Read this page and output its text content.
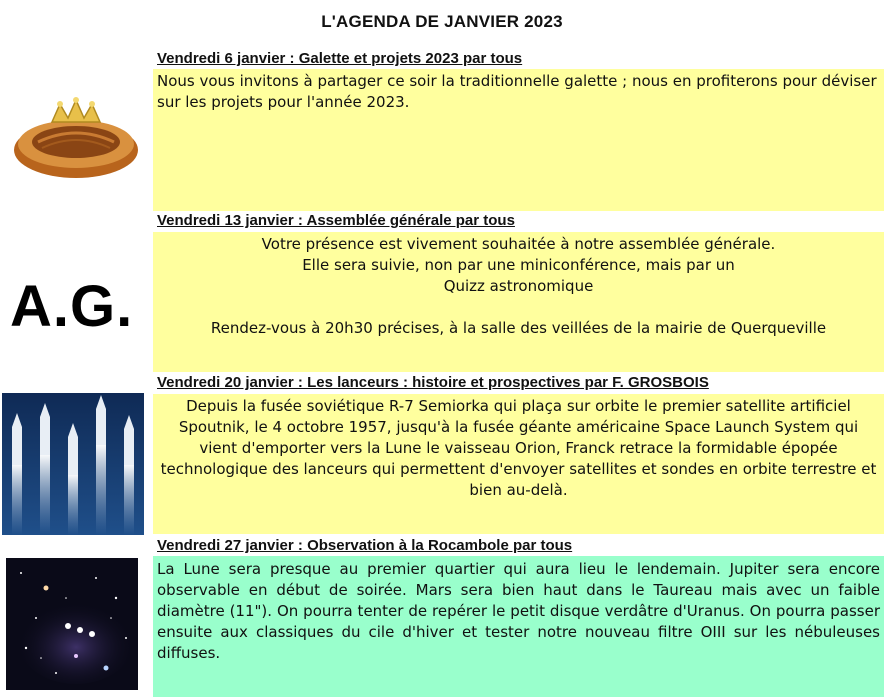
L'AGENDA DE JANVIER 2023
Vendredi 6 janvier : Galette et projets 2023 par tous
Nous vous invitons à partager ce soir la traditionnelle galette ; nous en profiterons pour déviser sur les projets pour l'année 2023.
A.G.
Vendredi 13 janvier : Assemblée générale par tous
Votre présence est vivement souhaitée à notre assemblée générale.
Elle sera suivie, non par une miniconférence, mais par un
Quizz astronomique
Rendez-vous à 20h30 précises, à la salle des veillées de la mairie de Querqueville
Vendredi 20 janvier : Les lanceurs : histoire et prospectives par F. GROSBOIS
Depuis la fusée soviétique R-7 Semiorka qui plaça sur orbite le premier satellite artificiel Spoutnik, le 4 octobre 1957, jusqu'à la fusée géante américaine Space Launch System qui vient d'emporter vers la Lune le vaisseau Orion, Franck retrace la formidable épopée technologique des lanceurs qui permettent d'envoyer satellites et sondes en orbite terrestre et bien au-delà.
Vendredi 27 janvier : Observation à la Rocambole par tous
La Lune sera presque au premier quartier qui aura lieu le lendemain. Jupiter sera encore observable en début de soirée. Mars sera bien haut dans le Taureau mais avec un faible diamètre (11"). On pourra tenter de repérer le petit disque verdâtre d'Uranus. On pourra passer ensuite aux classiques du cile d'hiver et tester notre nouveau filtre OIII sur les nébuleuses diffuses.
